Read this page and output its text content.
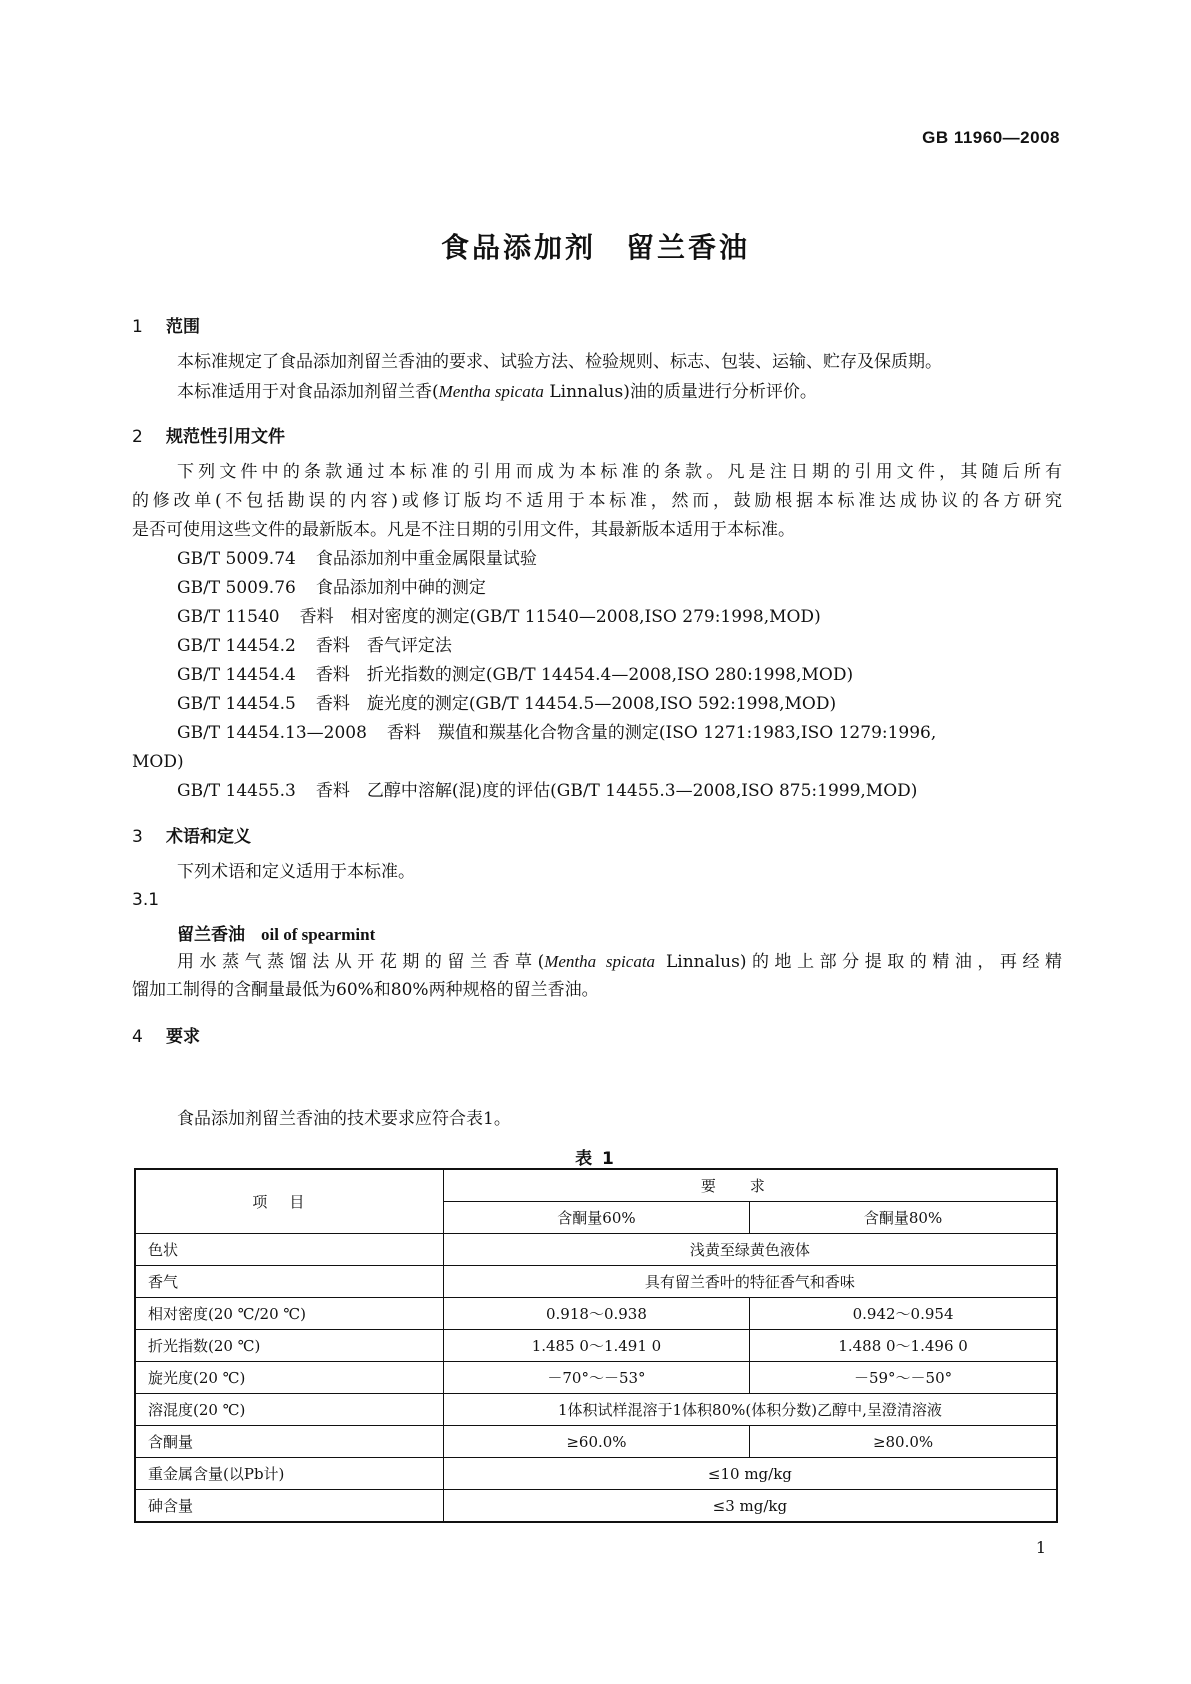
GB 11960—2008
食品添加剂 留兰香油
1 范围
本标准规定了食品添加剂留兰香油的要求、试验方法、检验规则、标志、包装、运输、贮存及保质期。
本标准适用于对食品添加剂留兰香(Mentha spicata Linnalus)油的质量进行分析评价。
2 规范性引用文件
下列文件中的条款通过本标准的引用而成为本标准的条款。凡是注日期的引用文件，其随后所有
的修改单(不包括勘误的内容)或修订版均不适用于本标准，然而，鼓励根据本标准达成协议的各方研究
是否可使用这些文件的最新版本。凡是不注日期的引用文件，其最新版本适用于本标准。
GB/T 5009.74 食品添加剂中重金属限量试验
GB/T 5009.76 食品添加剂中砷的测定
GB/T 11540 香料　相对密度的测定(GB/T 11540—2008,ISO 279:1998,MOD)
GB/T 14454.2 香料　香气评定法
GB/T 14454.4 香料　折光指数的测定(GB/T 14454.4—2008,ISO 280:1998,MOD)
GB/T 14454.5 香料　旋光度的测定(GB/T 14454.5—2008,ISO 592:1998,MOD)
GB/T 14454.13—2008 香料　羰值和羰基化合物含量的测定(ISO 1271:1983,ISO 1279:1996,
MOD)
GB/T 14455.3 香料　乙醇中溶解(混)度的评估(GB/T 14455.3—2008,ISO 875:1999,MOD)
3 术语和定义
下列术语和定义适用于本标准。
3.1
留兰香油 oil of spearmint
用水蒸气蒸馏法从开花期的留兰香草(Mentha spicata Linnalus)的地上部分提取的精油，再经精
馏加工制得的含酮量最低为60%和80%两种规格的留兰香油。
4 要求
食品添加剂留兰香油的技术要求应符合表1。
表 1
项目	要求	
	含酮量60%	含酮量80%
色状	浅黄至绿黄色液体	
香气	具有留兰香叶的特征香气和香味	
相对密度(20 ℃/20 ℃)	0.918～0.938	0.942～0.954
折光指数(20 ℃)	1.485 0～1.491 0	1.488 0～1.496 0
旋光度(20 ℃)	－70°～－53°	－59°～－50°
溶混度(20 ℃)	1体积试样混溶于1体积80%(体积分数)乙醇中,呈澄清溶液	
含酮量	≥60.0%	≥80.0%
重金属含量(以Pb计)	≤10 mg/kg	
砷含量	≤3 mg/kg	
1
